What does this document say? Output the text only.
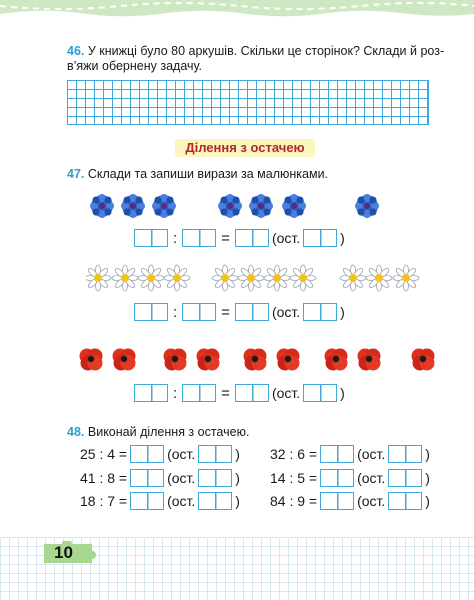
46. У книжці було 80 аркушів. Скільки це сторінок? Склади й роз-
в’яжи обернену задачу.
Ділення з остачею
47. Склади та запиши вирази за малюнками.
:	=	(ост.	)
:	=	(ост.	)
:	=	(ост.	)
48. Виконай ділення з остачею.
25 : 4 =	(ост.	)
41 : 8 =	(ост.	)
18 : 7 =	(ост.	)
32 : 6 =	(ост.	)
14 : 5 =	(ост.	)
84 : 9 =	(ост.	)
10
